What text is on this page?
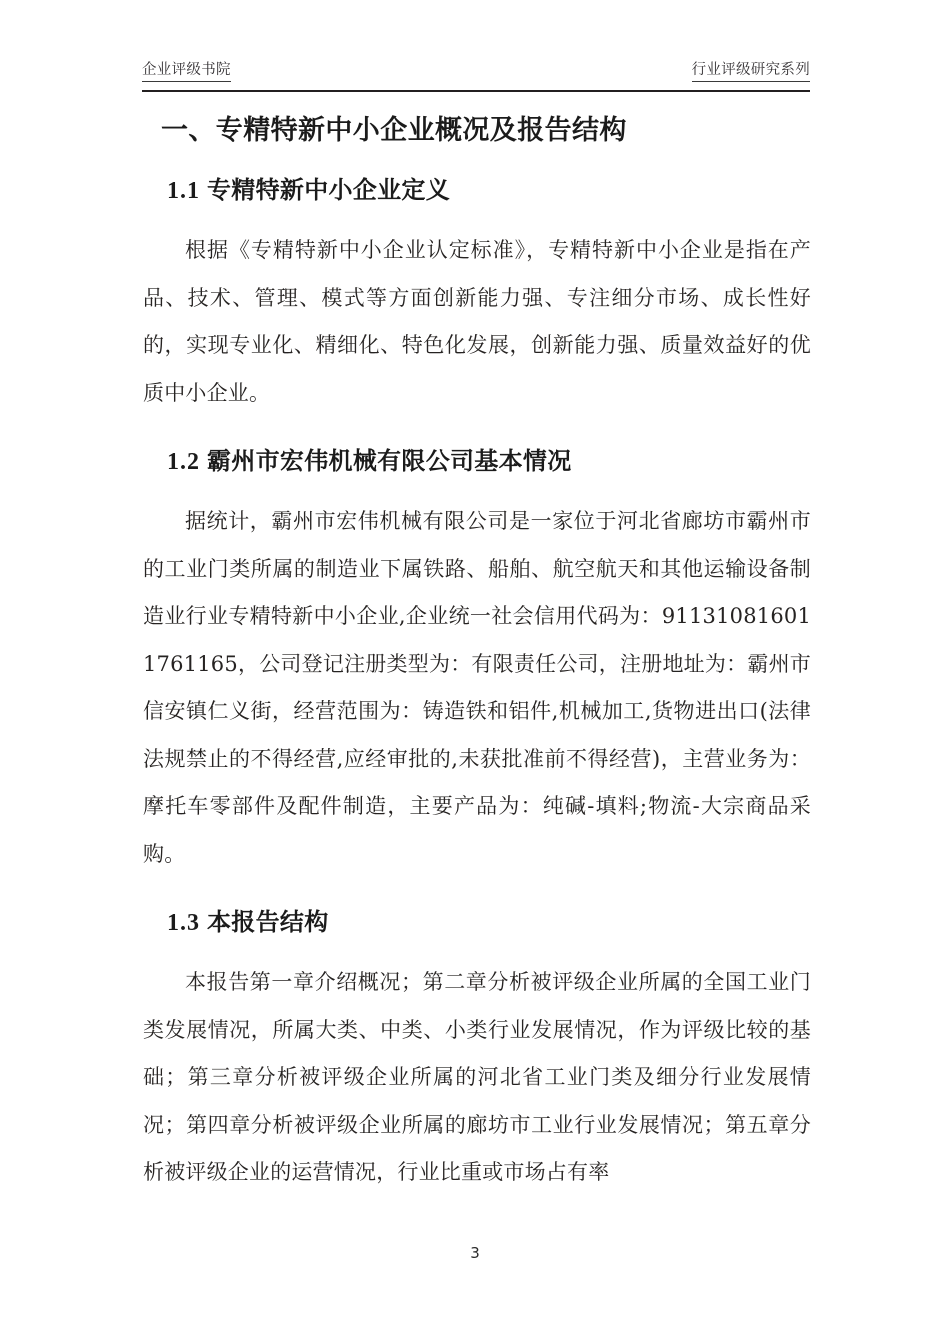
企业评级书院	行业评级研究系列
一、专精特新中小企业概况及报告结构
1.1 专精特新中小企业定义

根据《专精特新中小企业认定标准》，专精特新中小企业是指在产品、技术、管理、模式等方面创新能力强、专注细分市场、成长性好的，实现专业化、精细化、特色化发展，创新能力强、质量效益好的优质中小企业。

1.2 霸州市宏伟机械有限公司基本情况

据统计，霸州市宏伟机械有限公司是一家位于河北省廊坊市霸州市的工业门类所属的制造业下属铁路、船舶、航空航天和其他运输设备制造业行业专精特新中小企业,企业统一社会信用代码为：911310816011761165，公司登记注册类型为：有限责任公司，注册地址为：霸州市信安镇仁义街，经营范围为：铸造铁和铝件,机械加工,货物进出口(法律法规禁止的不得经营,应经审批的,未获批准前不得经营)，主营业务为：摩托车零部件及配件制造，主要产品为：纯碱-填料;物流-大宗商品采购。

1.3 本报告结构

本报告第一章介绍概况；第二章分析被评级企业所属的全国工业门类发展情况，所属大类、中类、小类行业发展情况，作为评级比较的基础；第三章分析被评级企业所属的河北省工业门类及细分行业发展情况；第四章分析被评级企业所属的廊坊市工业行业发展情况；第五章分析被评级企业的运营情况，行业比重或市场占有率

3
